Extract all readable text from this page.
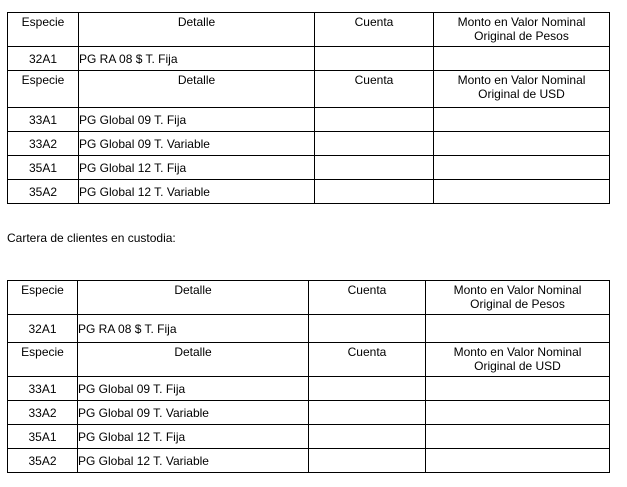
Especie	Detalle	Cuenta	Monto en Valor Nominal
Original de Pesos
32A1	PG RA 08 $ T. Fija		
Especie	Detalle	Cuenta	Monto en Valor Nominal
Original de USD
33A1	PG Global 09 T. Fija		
33A2	PG Global 09 T. Variable		
35A1	PG Global 12 T. Fija		
35A2	PG Global 12 T. Variable		
Cartera de clientes en custodia:
Especie	Detalle	Cuenta	Monto en Valor Nominal
Original de Pesos
32A1	PG RA 08 $ T. Fija		
Especie	Detalle	Cuenta	Monto en Valor Nominal
Original de USD
33A1	PG Global 09 T. Fija		
33A2	PG Global 09 T. Variable		
35A1	PG Global 12 T. Fija		
35A2	PG Global 12 T. Variable		
